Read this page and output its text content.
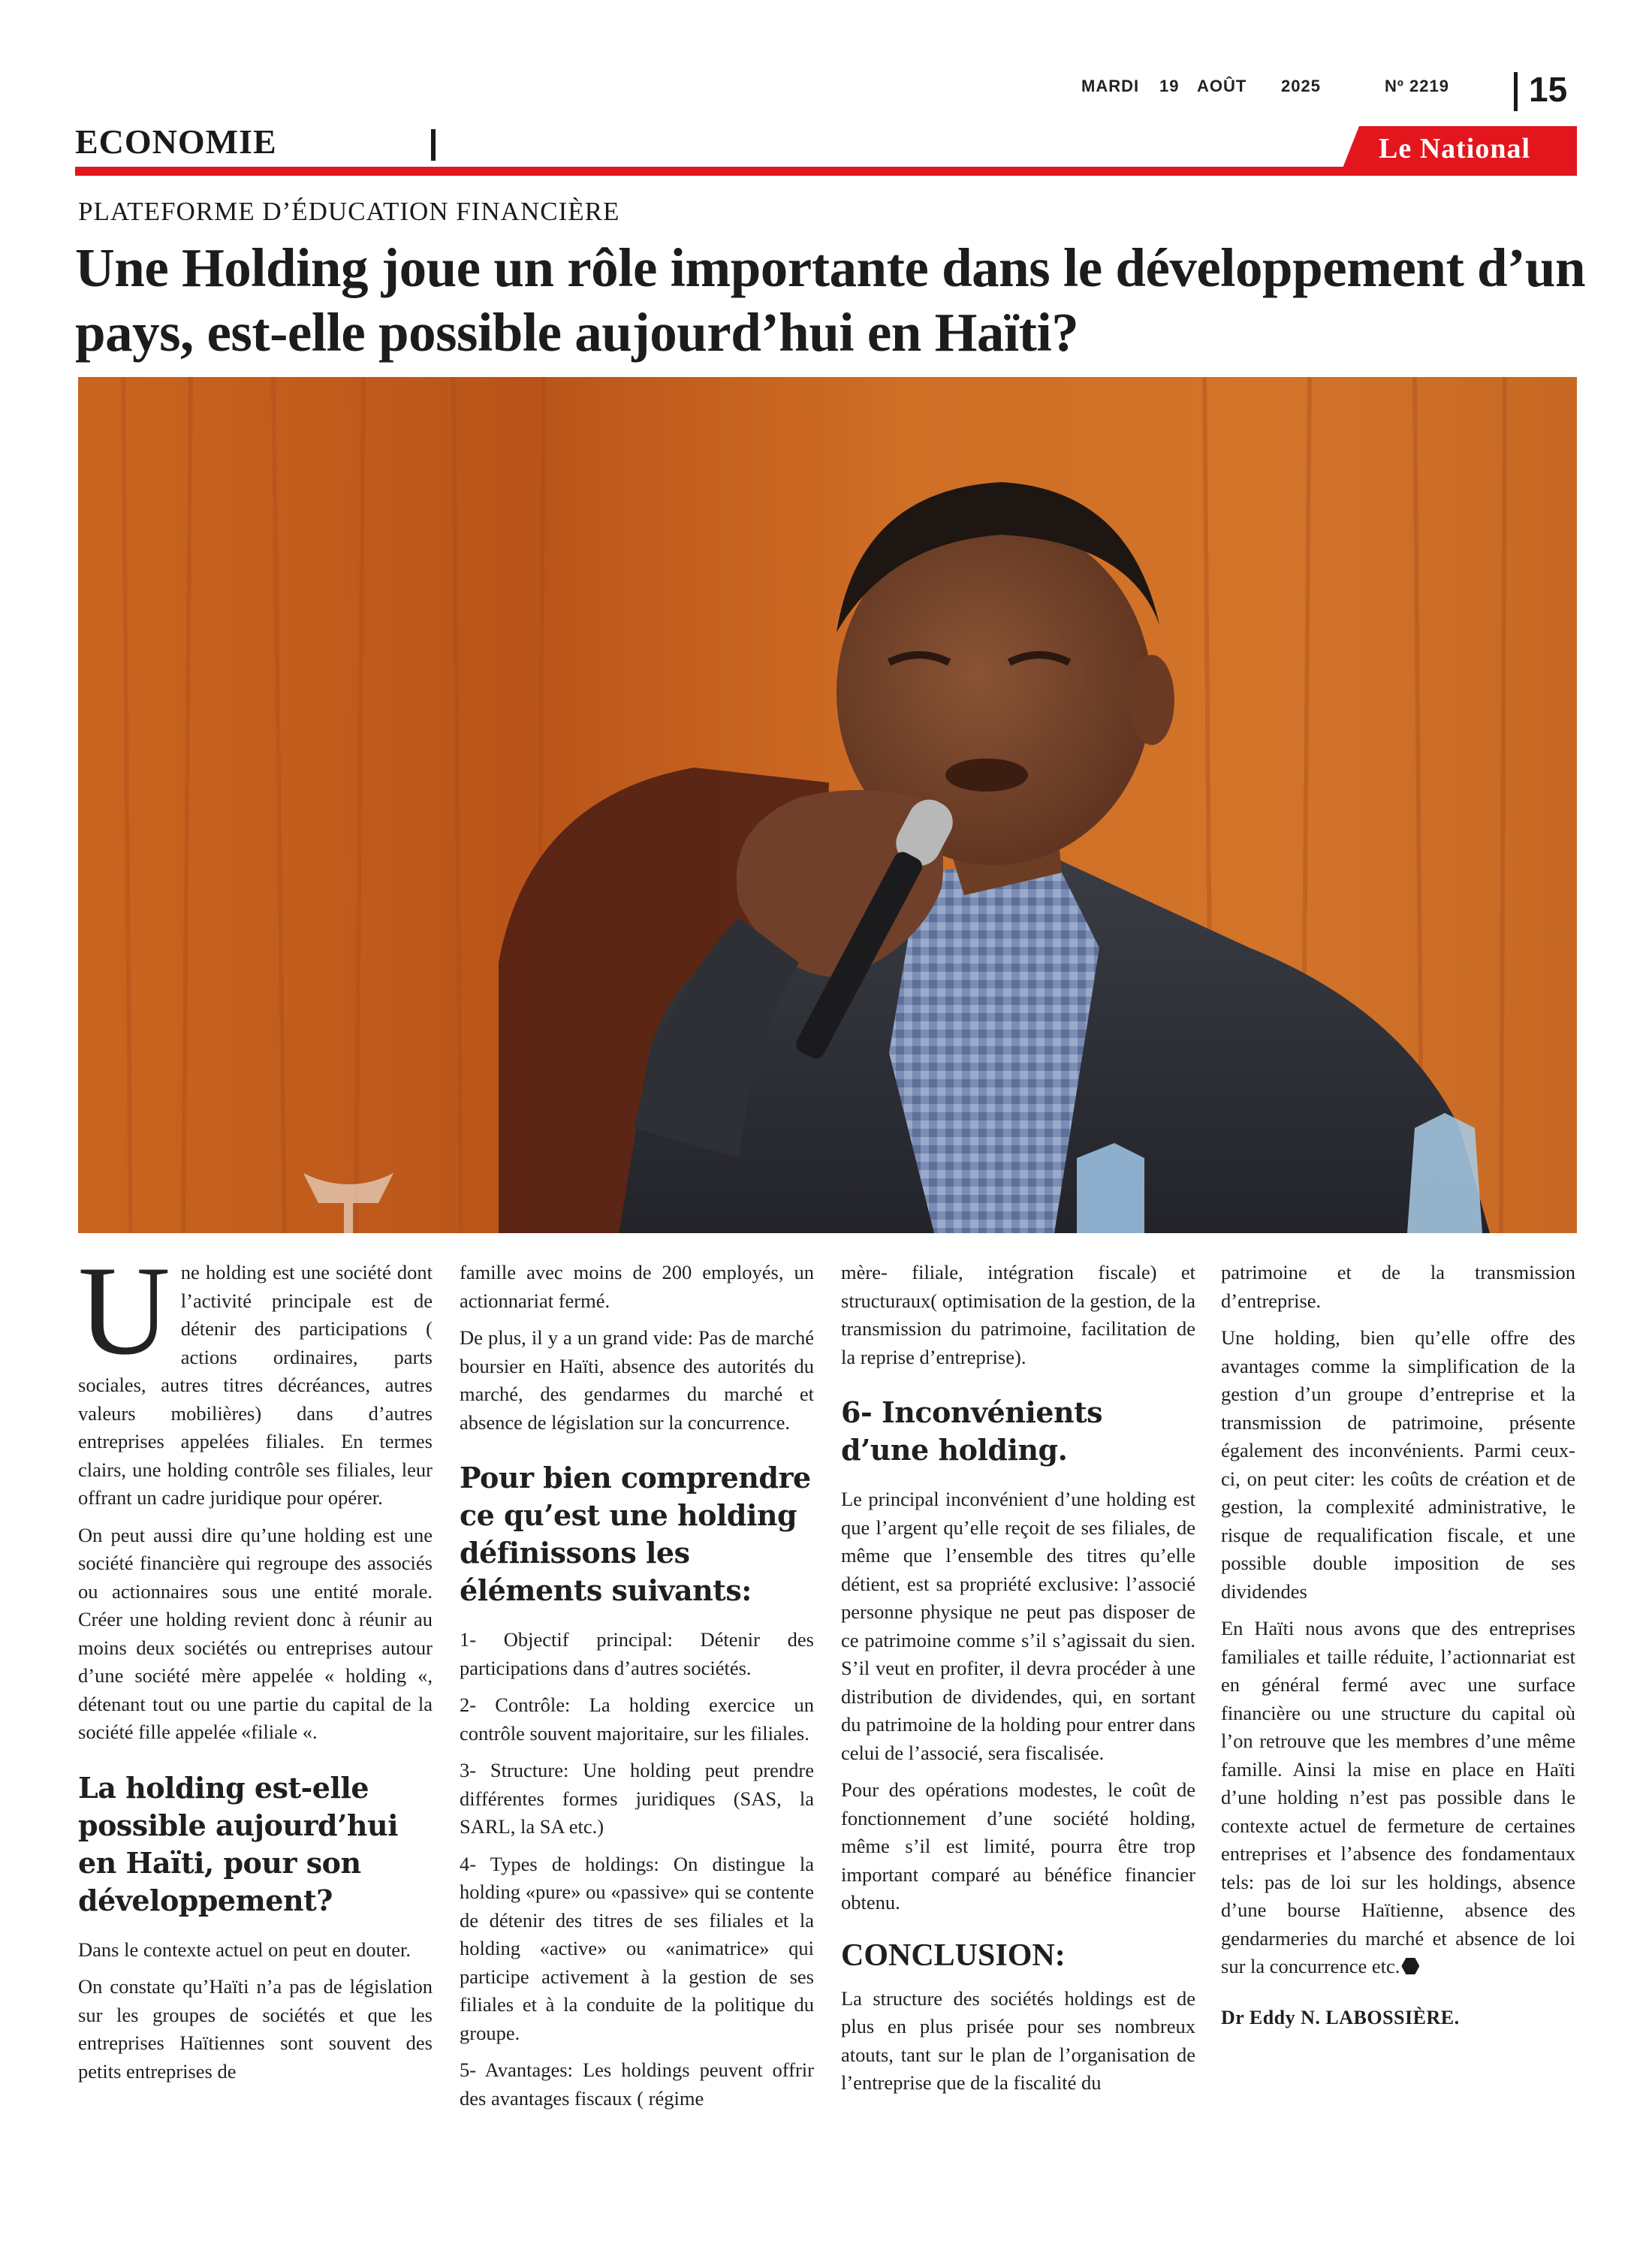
MARDI 19 AOÛT 2025	Nº 2219 15
ECONOMIE	Le National
PLATEFORME D’ÉDUCATION FINANCIÈRE
Une Holding joue un rôle importante dans le développement d’un pays, est-elle possible aujourd’hui en Haïti?
U ne holding est une société dont l’activité principale est de détenir des participations ( actions ordinaires, parts sociales, autres titres décréances, autres valeurs mobilières) dans d’autres entreprises appelées filiales. En termes clairs, une holding contrôle ses filiales, leur offrant un cadre juridique pour opérer.

On peut aussi dire qu’une holding est une société financière qui regroupe des associés ou actionnaires sous une entité morale. Créer une holding revient donc à réunir au moins deux sociétés ou entreprises autour d’une société mère appelée « holding «, détenant tout ou une partie du capital de la société fille appelée «filiale «.

La holding est-elle possible aujourd’hui en Haïti, pour son développement?

Dans le contexte actuel on peut en douter.

On constate qu’Haïti n’a pas de législation sur les groupes de sociétés et que les entreprises Haïtiennes sont souvent des petits entreprises de

famille avec moins de 200 employés, un actionnariat fermé.

De plus, il y a un grand vide: Pas de marché boursier en Haïti, absence des autorités du marché, des gendarmes du marché et absence de législation sur la concurrence.

Pour bien comprendre ce qu’est une holding définissons les éléments suivants:

1- Objectif principal: Détenir des participations dans d’autres sociétés.

2- Contrôle: La holding exercice un contrôle souvent majoritaire, sur les filiales.

3- Structure: Une holding peut prendre différentes formes juridiques (SAS, la SARL, la SA etc.)

4- Types de holdings: On distingue la holding «pure» ou «passive» qui se contente de détenir des titres de ses filiales et la holding «active» ou «animatrice» qui participe activement à la gestion de ses filiales et à la conduite de la politique du groupe.

5- Avantages: Les holdings peuvent offrir des avantages fiscaux ( régime

mère- filiale, intégration fiscale) et structuraux( optimisation de la gestion, de la transmission du patrimoine, facilitation de la reprise d’entreprise).

6- Inconvénients d’une holding.

Le principal inconvénient d’une holding est que l’argent qu’elle reçoit de ses filiales, de même que l’ensemble des titres qu’elle détient, est sa propriété exclusive: l’associé personne physique ne peut pas disposer de ce patrimoine comme s’il s’agissait du sien. S’il veut en profiter, il devra procéder à une distribution de dividendes, qui, en sortant du patrimoine de la holding pour entrer dans celui de l’associé, sera fiscalisée.

Pour des opérations modestes, le coût de fonctionnement d’une société holding, même s’il est limité, pourra être trop important comparé au bénéfice financier obtenu.

CONCLUSION:

La structure des sociétés holdings est de plus en plus prisée pour ses nombreux atouts, tant sur le plan de l’organisation de l’entreprise que de la fiscalité du

patrimoine et de la transmission d’entreprise.

Une holding, bien qu’elle offre des avantages comme la simplification de la gestion d’un groupe d’entreprise et la transmission de patrimoine, présente également des inconvénients. Parmi ceux-ci, on peut citer: les coûts de création et de gestion, la complexité administrative, le risque de requalification fiscale, et une possible double imposition de ses dividendes

En Haïti nous avons que des entreprises familiales et taille réduite, l’actionnariat est en général fermé avec une surface financière ou une structure du capital où l’on retrouve que les membres d’une même famille. Ainsi la mise en place en Haïti d’une holding n’est pas possible dans le contexte actuel de fermeture de certaines entreprises et l’absence des fondamentaux tels: pas de loi sur les holdings, absence d’une bourse Haïtienne, absence des gendarmeries du marché et absence de loi sur la concurrence etc.

Dr Eddy N. LABOSSIÈRE.
